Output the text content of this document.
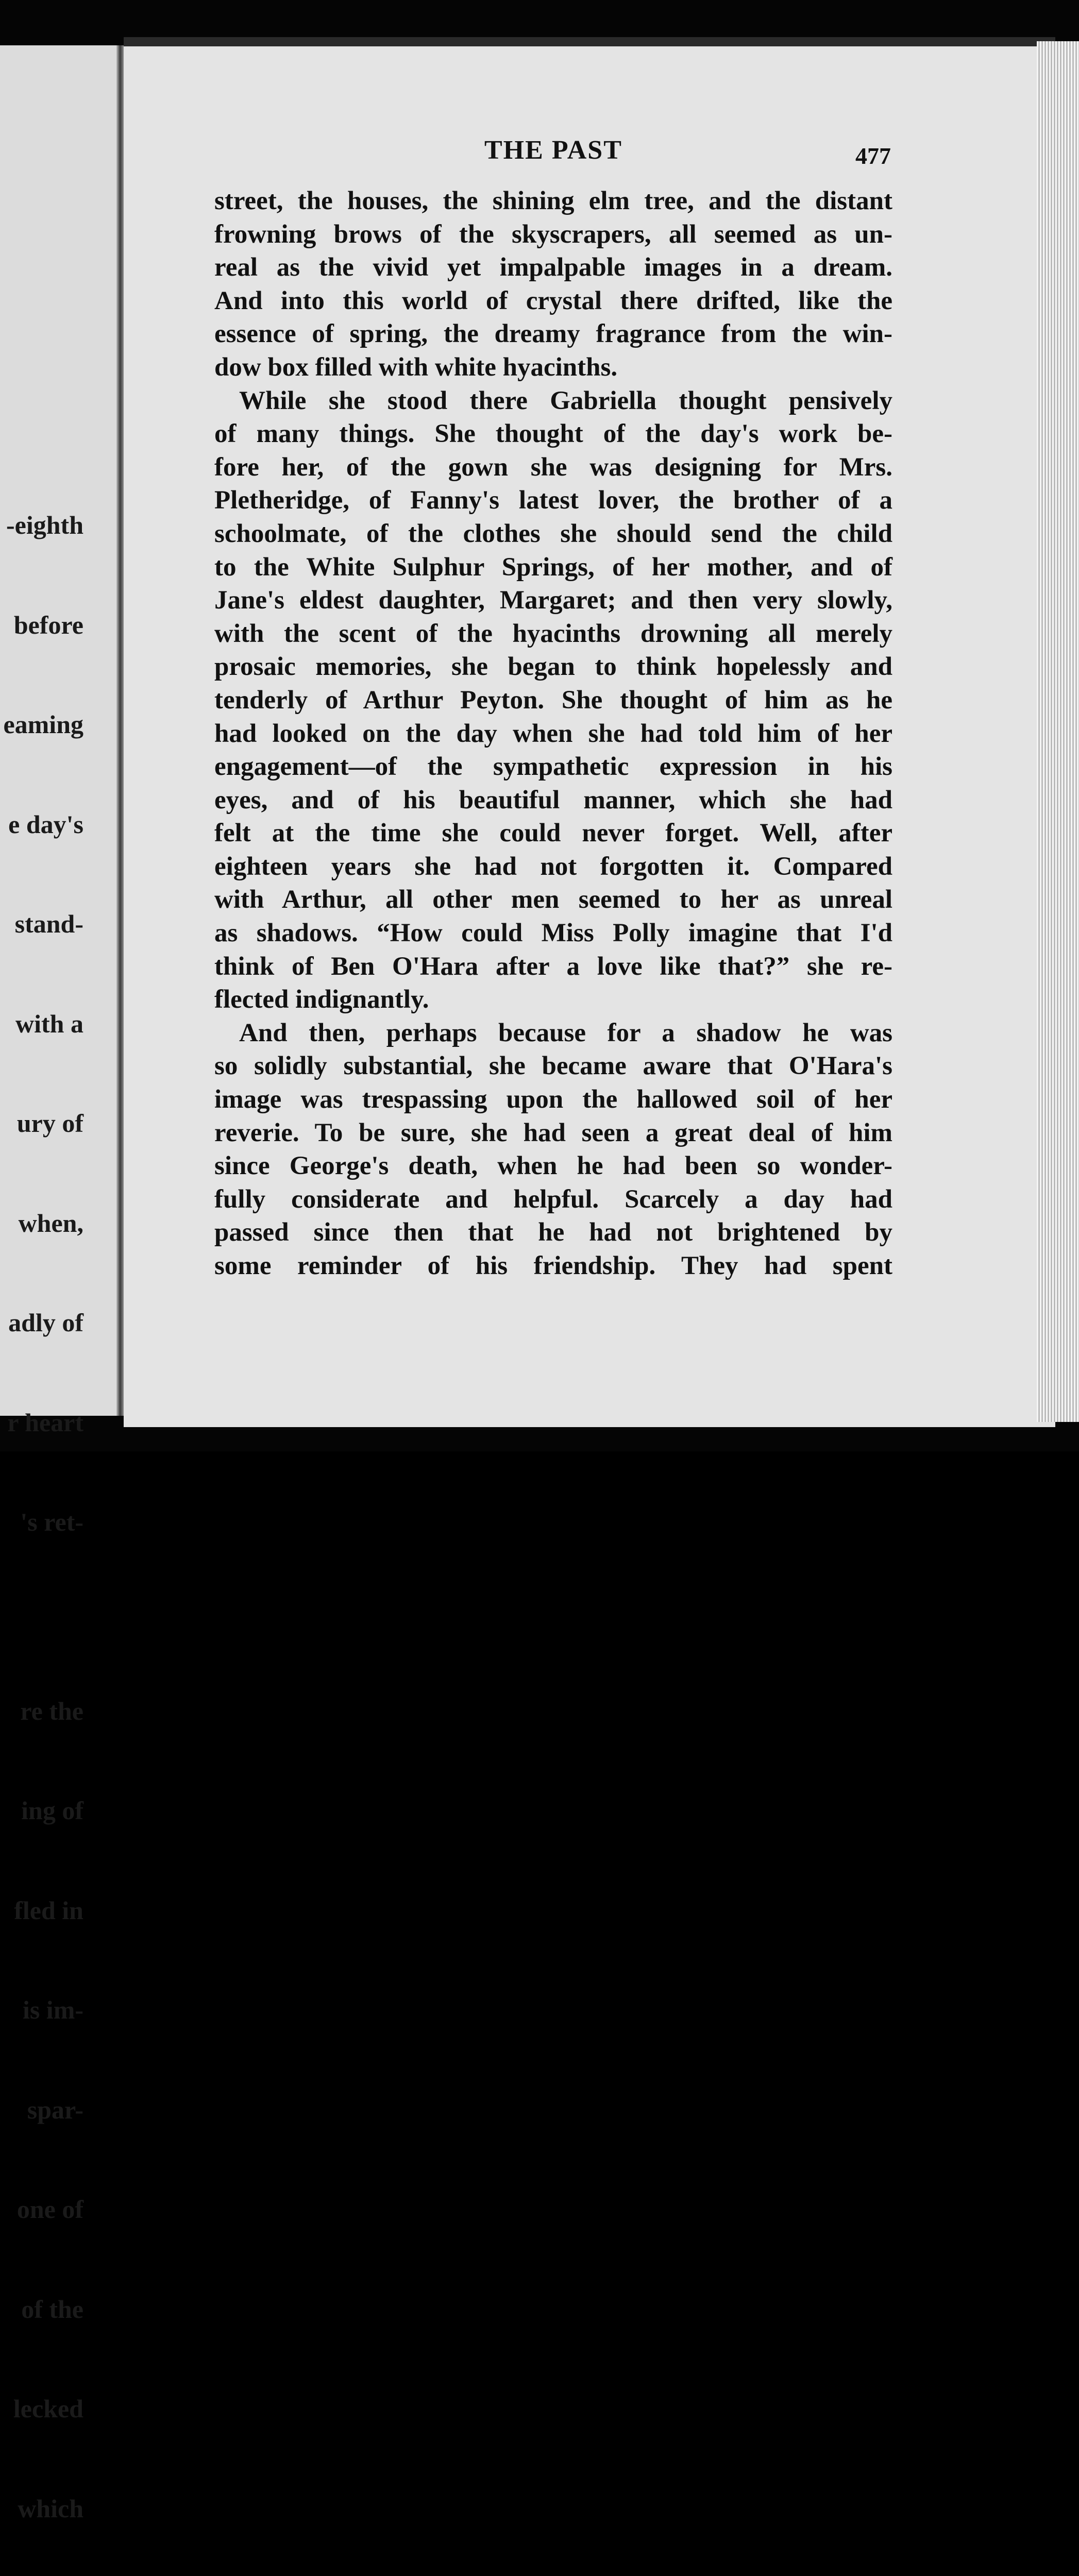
-eighth

before

eaming

e day's

stand-

with a

ury of

when,

adly of

r heart

's ret-

re the

ing of

fled in

is im-

spar-

one of

of the

lecked

which

THE PAST	477
street, the houses, the shining elm tree, and the distant
frowning brows of the skyscrapers, all seemed as un-
real as the vivid yet impalpable images in a dream.
And into this world of crystal there drifted, like the
essence of spring, the dreamy fragrance from the win-
dow box filled with white hyacinths.
While she stood there Gabriella thought pensively
of many things. She thought of the day's work be-
fore her, of the gown she was designing for Mrs.
Pletheridge, of Fanny's latest lover, the brother of a
schoolmate, of the clothes she should send the child
to the White Sulphur Springs, of her mother, and of
Jane's eldest daughter, Margaret; and then very slowly,
with the scent of the hyacinths drowning all merely
prosaic memories, she began to think hopelessly and
tenderly of Arthur Peyton. She thought of him as he
had looked on the day when she had told him of her
engagement—of the sympathetic expression in his
eyes, and of his beautiful manner, which she had
felt at the time she could never forget. Well, after
eighteen years she had not forgotten it. Compared
with Arthur, all other men seemed to her as unreal
as shadows. “How could Miss Polly imagine that I'd
think of Ben O'Hara after a love like that?” she re-
flected indignantly.
And then, perhaps because for a shadow he was
so solidly substantial, she became aware that O'Hara's
image was trespassing upon the hallowed soil of her
reverie. To be sure, she had seen a great deal of him
since George's death, when he had been so wonder-
fully considerate and helpful. Scarcely a day had
passed since then that he had not brightened by
some reminder of his friendship. They had spent
